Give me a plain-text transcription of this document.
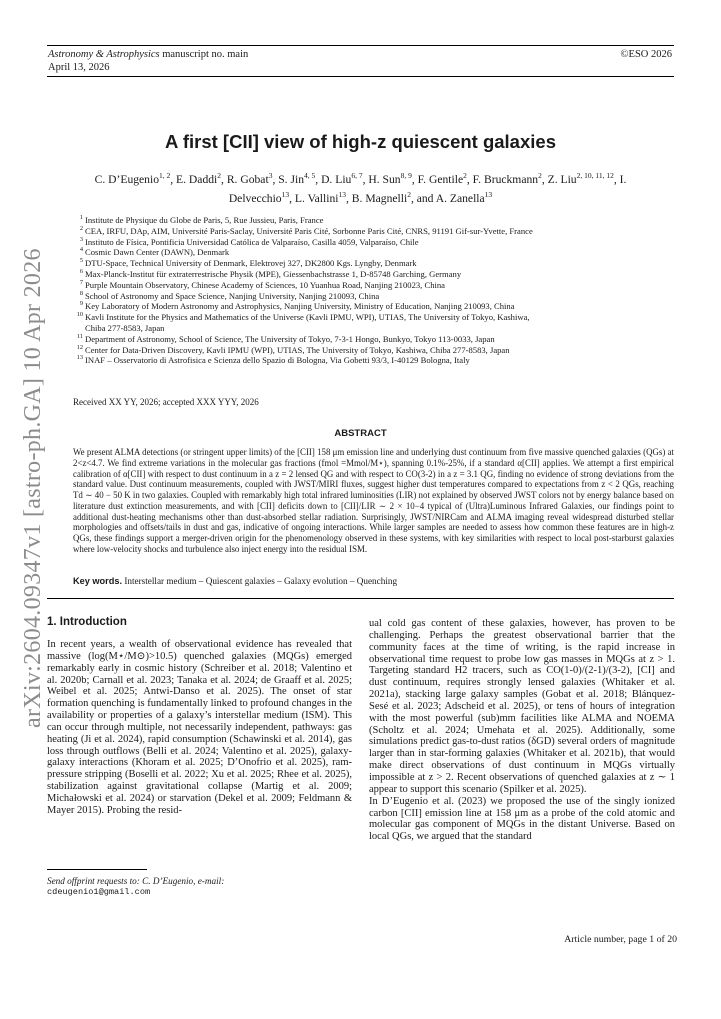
Astronomy & Astrophysics manuscript no. main
April 13, 2026
©ESO 2026
arXiv:2604.09347v1 [astro-ph.GA] 10 Apr 2026
A first [CII] view of high-z quiescent galaxies
C. D’Eugenio$^{1, 2}$, E. Daddi$^2$, R. Gobat$^3$, S. Jin$^{4, 5}$, D. Liu$^{6, 7}$, H. Sun$^{8, 9}$, F. Gentile$^2$, F. Bruckmann$^2$, Z. Liu$^{2, 10, 11, 12}$, I. Delvecchio$^{13}$, L. Vallini$^{13}$, B. Magnelli$^2$, and A. Zanella$^{13}$
1 Institute de Physique du Globe de Paris, 5, Rue Jussieu, Paris, France
2 CEA, IRFU, DAp, AIM, Université Paris-Saclay, Université Paris Cité, Sorbonne Paris Cité, CNRS, 91191 Gif-sur-Yvette, France
3 Instituto de Física, Pontificia Universidad Católica de Valparaíso, Casilla 4059, Valparaíso, Chile
4 Cosmic Dawn Center (DAWN), Denmark
5 DTU-Space, Technical University of Denmark, Elektrovej 327, DK2800 Kgs. Lyngby, Denmark
6 Max-Planck-Institut für extraterrestrische Physik (MPE), Giessenbachstrasse 1, D-85748 Garching, Germany
7 Purple Mountain Observatory, Chinese Academy of Sciences, 10 Yuanhua Road, Nanjing 210023, China
8 School of Astronomy and Space Science, Nanjing University, Nanjing 210093, China
9 Key Laboratory of Modern Astronomy and Astrophysics, Nanjing University, Ministry of Education, Nanjing 210093, China
10 Kavli Institute for the Physics and Mathematics of the Universe (Kavli IPMU, WPI), UTIAS, The University of Tokyo, Kashiwa,
Chiba 277-8583, Japan
11 Department of Astronomy, School of Science, The University of Tokyo, 7-3-1 Hongo, Bunkyo, Tokyo 113-0033, Japan
12 Center for Data-Driven Discovery, Kavli IPMU (WPI), UTIAS, The University of Tokyo, Kashiwa, Chiba 277-8583, Japan
13 INAF – Osservatorio di Astrofisica e Scienza dello Spazio di Bologna, Via Gobetti 93/3, I-40129 Bologna, Italy
Received XX YY, 2026; accepted XXX YYY, 2026
ABSTRACT

We present ALMA detections (or stringent upper limits) of the [CII] 158 μm emission line and underlying dust continuum from five massive quenched galaxies (QGs) at 2<z<4.7. We find extreme variations in the molecular gas fractions (fmol =Mmol/M⋆), spanning 0.1%-25%, if a standard α[CII] applies. We attempt a first empirical calibration of α[CII] with respect to dust continuum in a z = 2 lensed QG and with respect to CO(3-2) in a z = 3.1 QG, finding no evidence of strong deviations from the standard value. Dust continuum measurements, coupled with JWST/MIRI fluxes, suggest higher dust temperatures compared to expectations from z < 2 QGs, reaching Td ∼ 40 − 50 K in two galaxies. Coupled with remarkably high total infrared luminosities (LIR) not explained by observed JWST colors not by energy balance based on literature dust extinction measurements, and with [CII] deficits down to [CII]/LIR ∼ 2 × 10−4 typical of (Ultra)Luminous Infrared Galaxies, our findings point to additional dust-heating mechanisms other than dust-absorbed stellar radiation. Surprisingly, JWST/NIRCam and ALMA imaging reveal widespread disturbed stellar morphologies and offsets/tails in dust and gas, indicative of ongoing interactions. While larger samples are needed to assess how common these features are in high-z QGs, these findings support a merger-driven origin for the phenomenology observed in these systems, with key similarities with respect to local post-starburst galaxies where low-velocity shocks and turbulence also inject energy into the residual ISM.

Key words. Interstellar medium – Quiescent galaxies – Galaxy evolution – Quenching
1. Introduction

In recent years, a wealth of observational evidence has revealed that massive (log(M⋆/M⊙)>10.5) quenched galaxies (MQGs) emerged remarkably early in cosmic history (Schreiber et al. 2018; Valentino et al. 2020b; Carnall et al. 2023; Tanaka et al. 2024; de Graaff et al. 2025; Weibel et al. 2025; Antwi-Danso et al. 2025). The onset of star formation quenching is fundamentally linked to profound changes in the availability or properties of a galaxy’s interstellar medium (ISM). This can occur through multiple, not necessarily independent, pathways: gas heating (Ji et al. 2024), rapid consumption (Schawinski et al. 2014), gas loss through outflows (Belli et al. 2024; Valentino et al. 2025), galaxy-galaxy interactions (Khoram et al. 2025; D’Onofrio et al. 2025), ram-pressure stripping (Boselli et al. 2022; Xu et al. 2025; Rhee et al. 2025), stabilization against gravitational collapse (Martig et al. 2009; Michałowski et al. 2024) or starvation (Dekel et al. 2009; Feldmann & Mayer 2015). Probing the resid-

ual cold gas content of these galaxies, however, has proven to be challenging. Perhaps the greatest observational barrier that the community faces at the time of writing, is the rapid increase in observational time request to probe low gas masses in MQGs at z > 1. Targeting standard H2 tracers, such as CO(1-0)/(2-1)/(3-2), [CI] and dust continuum, requires strongly lensed galaxies (Whitaker et al. 2021a), stacking large galaxy samples (Gobat et al. 2018; Blánquez-Sesé et al. 2023; Adscheid et al. 2025), or tens of hours of integration with the most powerful (sub)mm facilities like ALMA and NOEMA (Scholtz et al. 2024; Umehata et al. 2025). Additionally, some simulations predict gas-to-dust ratios (δGD) several orders of magnitude larger than in star-forming galaxies (Whitaker et al. 2021b), that would make direct observations of dust continuum in MQGs virtually impossible at z > 2. Recent observations of quenched galaxies at z ∼ 1 appear to support this scenario (Spilker et al. 2025).
In D’Eugenio et al. (2023) we proposed the use of the singly ionized carbon [CII] emission line at 158 μm as a probe of the cold atomic and molecular gas component of MQGs in the distant Universe. Based on local QGs, we argued that the standard
Send offprint requests to: C. D’Eugenio, e-mail:
cdeugenio1@gmail.com
Article number, page 1 of 20
